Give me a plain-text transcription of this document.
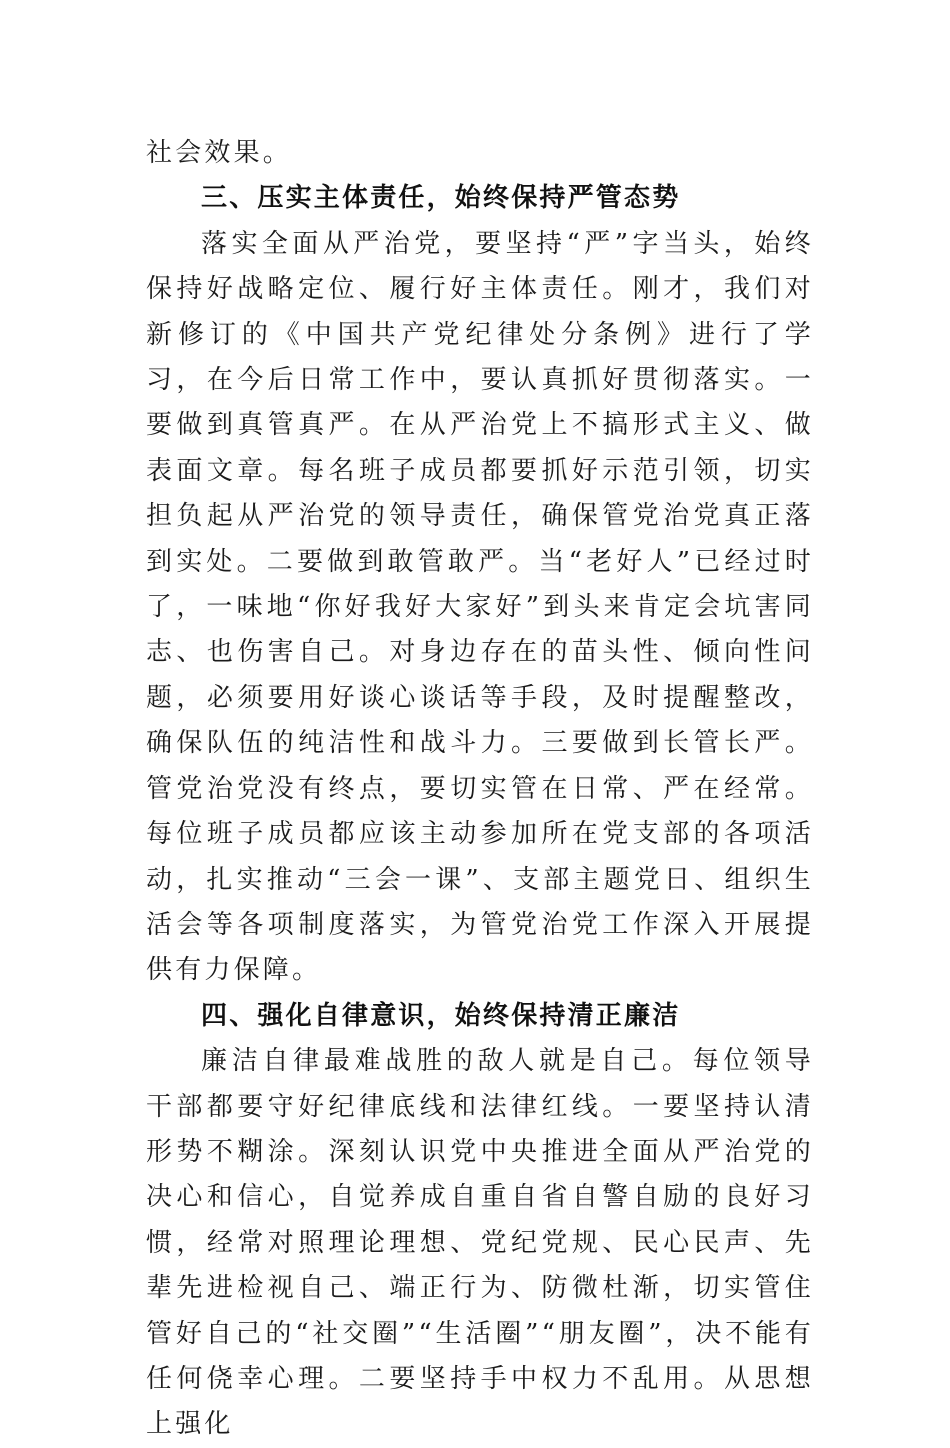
社会效果。

三、压实主体责任，始终保持严管态势

落实全面从严治党，要坚持“严”字当头，始终保持好战略定位、履行好主体责任。刚才，我们对新修订的《中国共产党纪律处分条例》进行了学习，在今后日常工作中，要认真抓好贯彻落实。一要做到真管真严。在从严治党上不搞形式主义、做表面文章。每名班子成员都要抓好示范引领，切实担负起从严治党的领导责任，确保管党治党真正落到实处。二要做到敢管敢严。当“老好人”已经过时了，一味地“你好我好大家好”到头来肯定会坑害同志、也伤害自己。对身边存在的苗头性、倾向性问题，必须要用好谈心谈话等手段，及时提醒整改，确保队伍的纯洁性和战斗力。三要做到长管长严。管党治党没有终点，要切实管在日常、严在经常。每位班子成员都应该主动参加所在党支部的各项活动，扎实推动“三会一课”、支部主题党日、组织生活会等各项制度落实，为管党治党工作深入开展提供有力保障。

四、强化自律意识，始终保持清正廉洁

廉洁自律最难战胜的敌人就是自己。每位领导干部都要守好纪律底线和法律红线。一要坚持认清形势不糊涂。深刻认识党中央推进全面从严治党的决心和信心，自觉养成自重自省自警自励的良好习惯，经常对照理论理想、党纪党规、民心民声、先辈先进检视自己、端正行为、防微杜渐，切实管住管好自己的“社交圈”“生活圈”“朋友圈”，决不能有任何侥幸心理。二要坚持手中权力不乱用。从思想上强化
